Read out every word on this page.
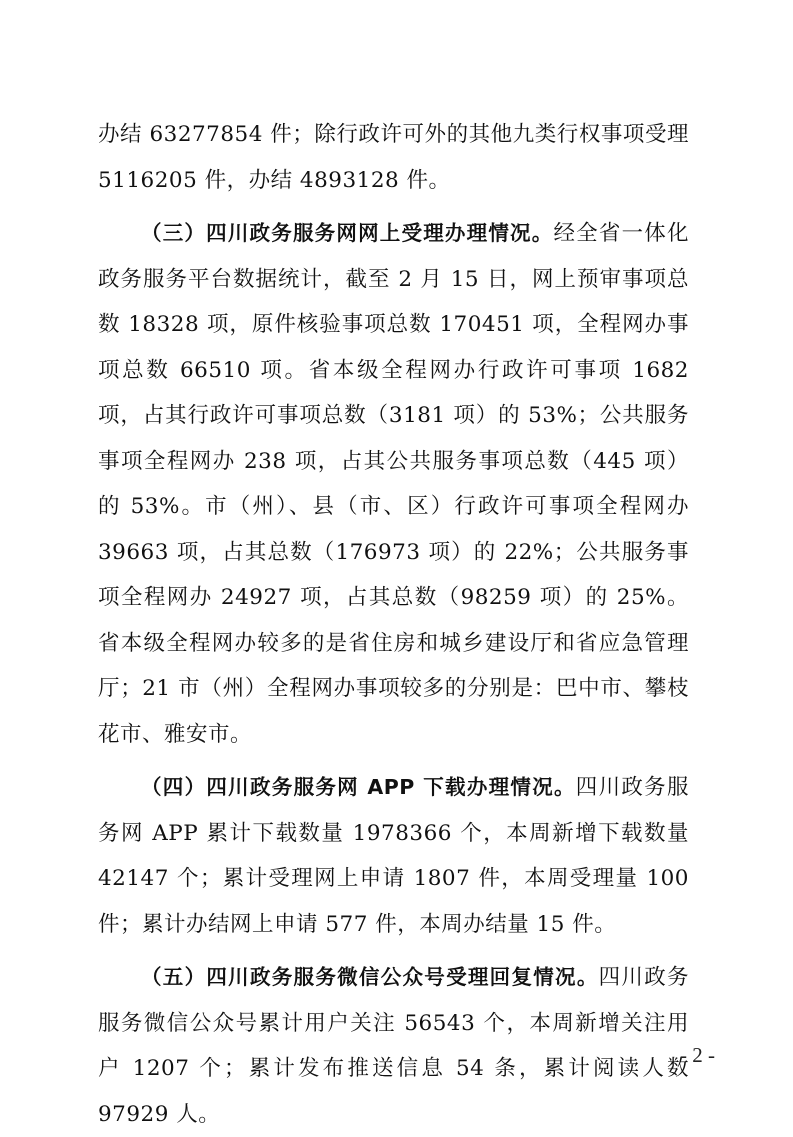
办结 63277854 件；除行政许可外的其他九类行权事项受理 5116205 件，办结 4893128 件。

（三）四川政务服务网网上受理办理情况。经全省一体化政务服务平台数据统计，截至 2 月 15 日，网上预审事项总数 18328 项，原件核验事项总数 170451 项，全程网办事项总数 66510 项。省本级全程网办行政许可事项 1682 项，占其行政许可事项总数（3181 项）的 53%；公共服务事项全程网办 238 项，占其公共服务事项总数（445 项）的 53%。市（州）、县（市、区）行政许可事项全程网办 39663 项，占其总数（176973 项）的 22%；公共服务事项全程网办 24927 项，占其总数（98259 项）的 25%。省本级全程网办较多的是省住房和城乡建设厅和省应急管理厅；21 市（州）全程网办事项较多的分别是：巴中市、攀枝花市、雅安市。

（四）四川政务服务网 APP 下载办理情况。四川政务服务网 APP 累计下载数量 1978366 个，本周新增下载数量 42147 个；累计受理网上申请 1807 件，本周受理量 100 件；累计办结网上申请 577 件，本周办结量 15 件。

（五）四川政务服务微信公众号受理回复情况。四川政务服务微信公众号累计用户关注 56543 个，本周新增关注用户 1207 个；累计发布推送信息 54 条，累计阅读人数 97929 人。

- 2 -
